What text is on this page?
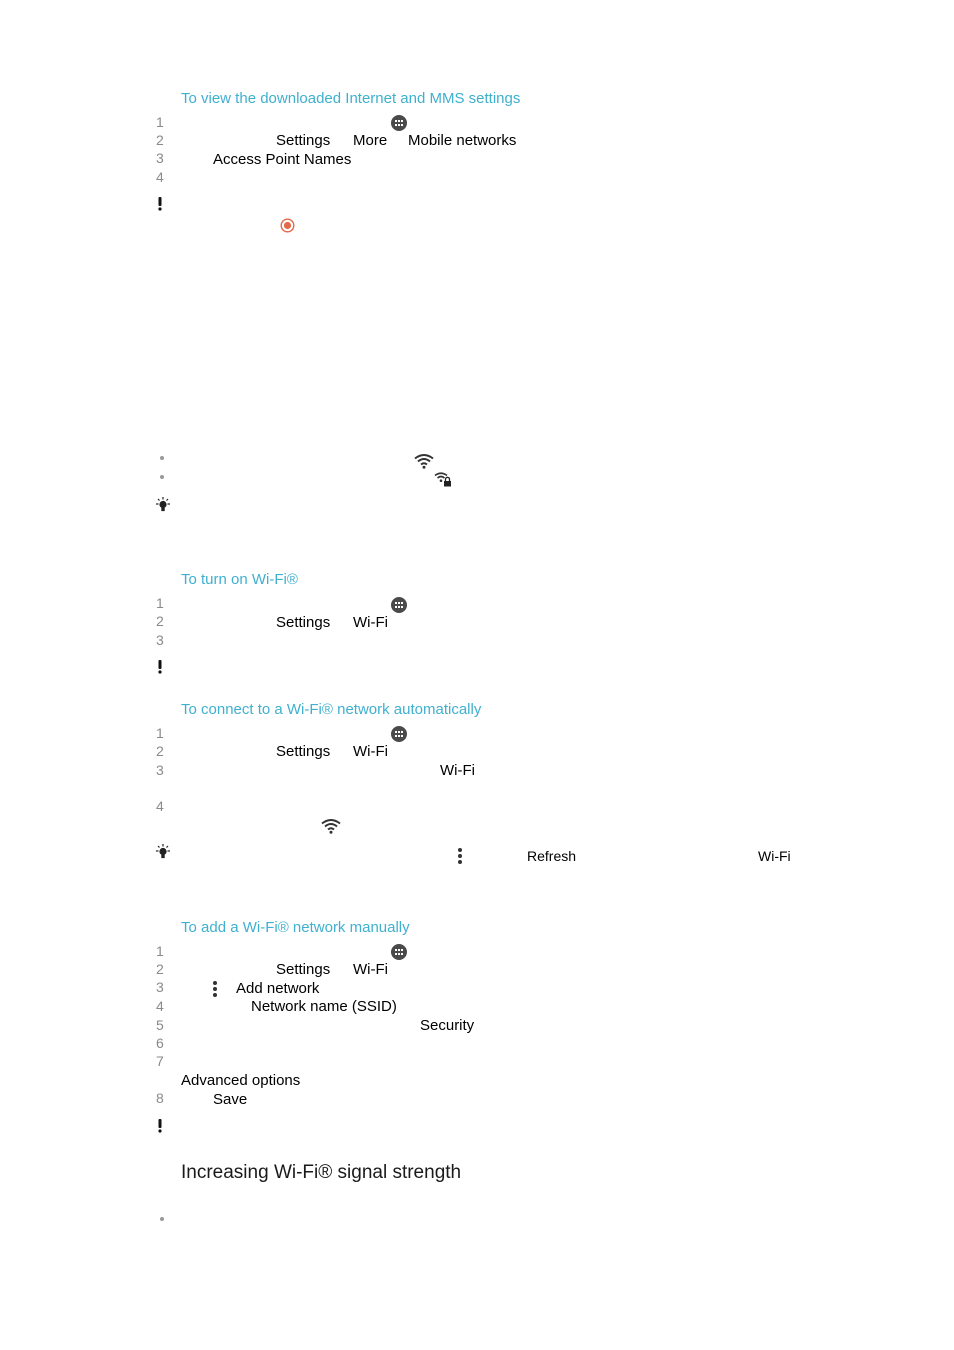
To view the downloaded Internet and MMS settings
1
2
3
4
Settings More Mobile networks
Access Point Names
To turn on Wi-Fi®
1
2
3
Settings Wi-Fi
To connect to a Wi-Fi® network automatically
1
2
3
4
Settings Wi-Fi
Wi-Fi
Refresh	Wi-Fi
To add a Wi-Fi® network manually
1
2
3
4
5
6
7
8
Settings Wi-Fi
Add network
Network name (SSID)
Security
Advanced options
Save
Increasing Wi-Fi® signal strength
